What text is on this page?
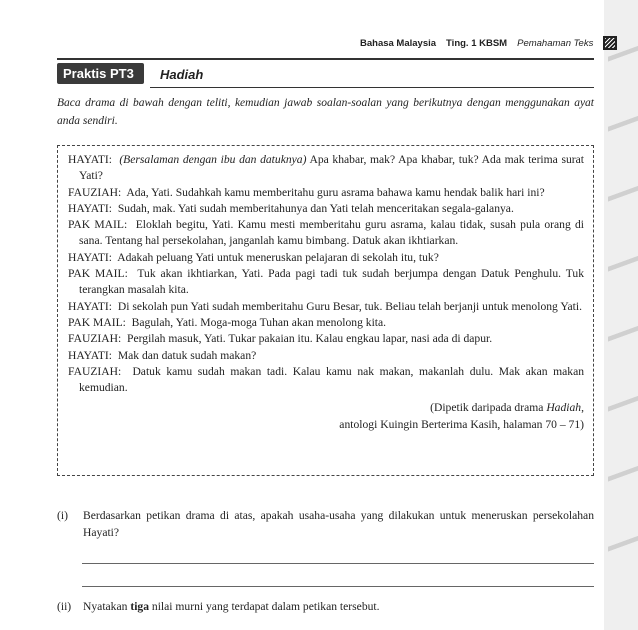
Bahasa Malaysia Ting. 1 KBSM Pemahaman Teks
Praktis PT3	Hadiah
Baca drama di bawah dengan teliti, kemudian jawab soalan-soalan yang berikutnya dengan menggunakan ayat anda sendiri.
HAYATI: (Bersalaman dengan ibu dan datuknya) Apa khabar, mak? Apa khabar, tuk? Ada mak terima surat Yati?
FAUZIAH: Ada, Yati. Sudahkah kamu memberitahu guru asrama bahawa kamu hendak balik hari ini?
HAYATI: Sudah, mak. Yati sudah memberitahunya dan Yati telah menceritakan segala-galanya.
PAK MAIL: Eloklah begitu, Yati. Kamu mesti memberitahu guru asrama, kalau tidak, susah pula orang di sana. Tentang hal persekolahan, janganlah kamu bimbang. Datuk akan ikhtiarkan.
HAYATI: Adakah peluang Yati untuk meneruskan pelajaran di sekolah itu, tuk?
PAK MAIL: Tuk akan ikhtiarkan, Yati. Pada pagi tadi tuk sudah berjumpa dengan Datuk Penghulu. Tuk terangkan masalah kita.
HAYATI: Di sekolah pun Yati sudah memberitahu Guru Besar, tuk. Beliau telah berjanji untuk menolong Yati.
PAK MAIL: Bagulah, Yati. Moga-moga Tuhan akan menolong kita.
FAUZIAH: Pergilah masuk, Yati. Tukar pakaian itu. Kalau engkau lapar, nasi ada di dapur.
HAYATI: Mak dan datuk sudah makan?
FAUZIAH: Datuk kamu sudah makan tadi. Kalau kamu nak makan, makanlah dulu. Mak akan makan kemudian.
(Dipetik daripada drama Hadiah,
antologi Kuingin Berterima Kasih, halaman 70 – 71)
(i) Berdasarkan petikan drama di atas, apakah usaha-usaha yang dilakukan untuk meneruskan persekolahan Hayati?
(ii) Nyatakan tiga nilai murni yang terdapat dalam petikan tersebut.
